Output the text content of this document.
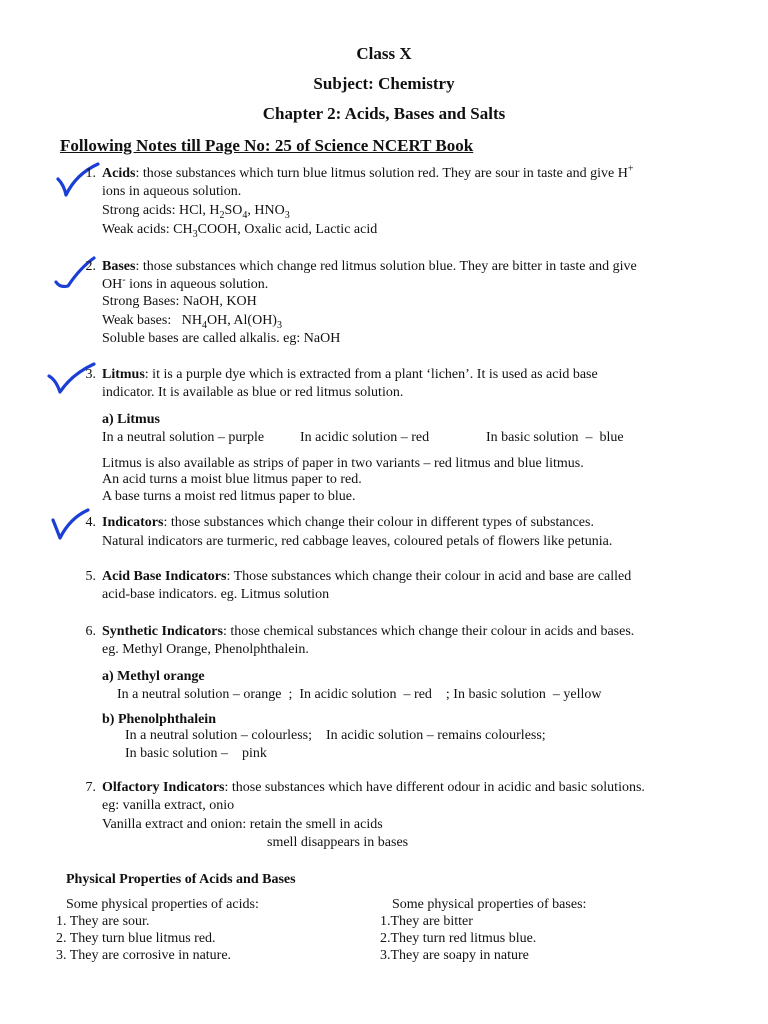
Class X
Subject: Chemistry
Chapter 2: Acids, Bases and Salts
Following Notes till Page No: 25 of Science NCERT Book
1. Acids: those substances which turn blue litmus solution red. They are sour in taste and give H+
ions in aqueous solution.
Strong acids: HCl, $H_2SO_4$, $HNO_3$
Weak acids: $CH_3COOH$, Oxalic acid, Lactic acid
2. Bases: those substances which change red litmus solution blue. They are bitter in taste and give
OH- ions in aqueous solution.
Strong Bases: NaOH, KOH
Weak bases:   $NH_4OH$, $Al(OH)_3$
Soluble bases are called alkalis. eg: NaOH
3. Litmus: it is a purple dye which is extracted from a plant ‘lichen’. It is used as acid base
indicator. It is available as blue or red litmus solution.
a) Litmus
In a neutral solution – purple	In acidic solution – red	In basic solution  –  blue
Litmus is also available as strips of paper in two variants – red litmus and blue litmus.
An acid turns a moist blue litmus paper to red.
A base turns a moist red litmus paper to blue.
4. Indicators: those substances which change their colour in different types of substances.
Natural indicators are turmeric, red cabbage leaves, coloured petals of flowers like petunia.
5. Acid Base Indicators: Those substances which change their colour in acid and base are called
acid-base indicators. eg. Litmus solution
6. Synthetic Indicators: those chemical substances which change their colour in acids and bases.
eg. Methyl Orange, Phenolphthalein.
a) Methyl orange
In a neutral solution – orange  ;  In acidic solution  – red    ; In basic solution  – yellow
b) Phenolphthalein
In a neutral solution – colourless;    In acidic solution – remains colourless;
In basic solution –    pink
7. Olfactory Indicators: those substances which have different odour in acidic and basic solutions.
eg: vanilla extract, onio
Vanilla extract and onion: retain the smell in acids
smell disappears in bases
Physical Properties of Acids and Bases
Some physical properties of acids:
1. They are sour.
2. They turn blue litmus red.
3. They are corrosive in nature.
Some physical properties of bases:
1.They are bitter
2.They turn red litmus blue.
3.They are soapy in nature
